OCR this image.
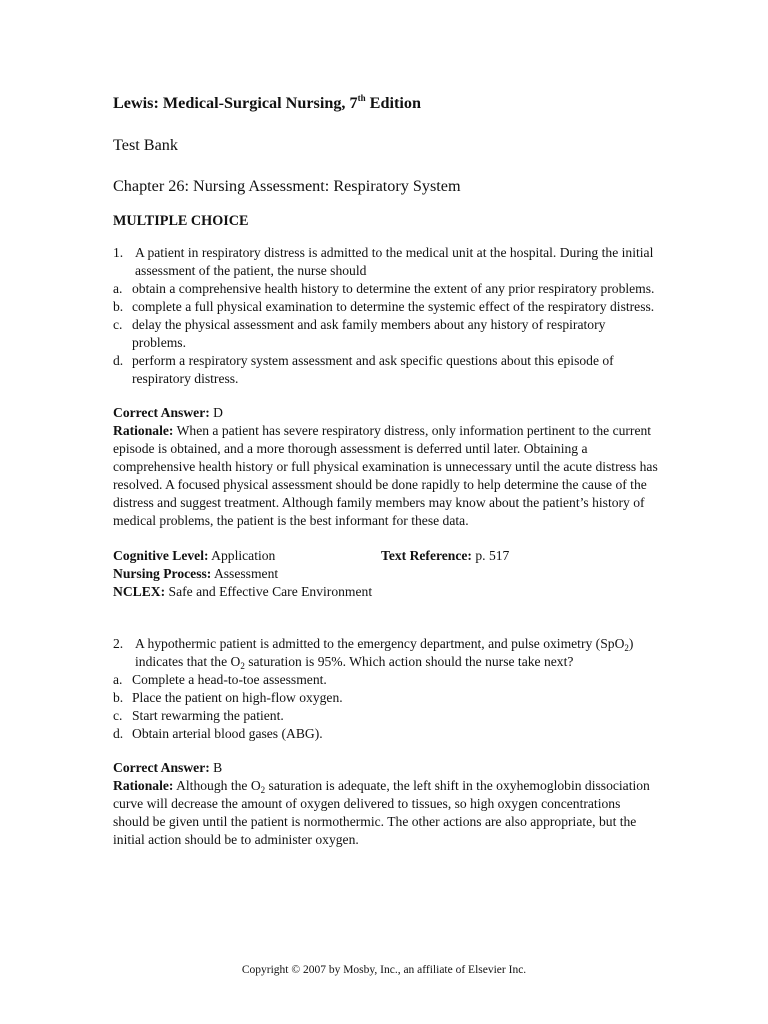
Lewis: Medical-Surgical Nursing, 7th Edition
Test Bank
Chapter 26: Nursing Assessment: Respiratory System
MULTIPLE CHOICE
1. A patient in respiratory distress is admitted to the medical unit at the hospital. During the initial assessment of the patient, the nurse should
a. obtain a comprehensive health history to determine the extent of any prior respiratory problems.
b. complete a full physical examination to determine the systemic effect of the respiratory distress.
c. delay the physical assessment and ask family members about any history of respiratory problems.
d. perform a respiratory system assessment and ask specific questions about this episode of respiratory distress.
Correct Answer: D

Rationale: When a patient has severe respiratory distress, only information pertinent to the current episode is obtained, and a more thorough assessment is deferred until later. Obtaining a comprehensive health history or full physical examination is unnecessary until the acute distress has resolved. A focused physical assessment should be done rapidly to help determine the cause of the distress and suggest treatment. Although family members may know about the patient’s history of medical problems, the patient is the best informant for these data.

Cognitive Level: Application	Text Reference: p. 517
Nursing Process: Assessment
NCLEX: Safe and Effective Care Environment
2. A hypothermic patient is admitted to the emergency department, and pulse oximetry (SpO$_2$) indicates that the $O_2$ saturation is 95%. Which action should the nurse take next?
a. Complete a head-to-toe assessment.
b. Place the patient on high-flow oxygen.
c. Start rewarming the patient.
d. Obtain arterial blood gases (ABG).
Correct Answer: B

Rationale: Although the $O_2$ saturation is adequate, the left shift in the oxyhemoglobin dissociation curve will decrease the amount of oxygen delivered to tissues, so high oxygen concentrations should be given until the patient is normothermic. The other actions are also appropriate, but the initial action should be to administer oxygen.

Copyright © 2007 by Mosby, Inc., an affiliate of Elsevier Inc.
